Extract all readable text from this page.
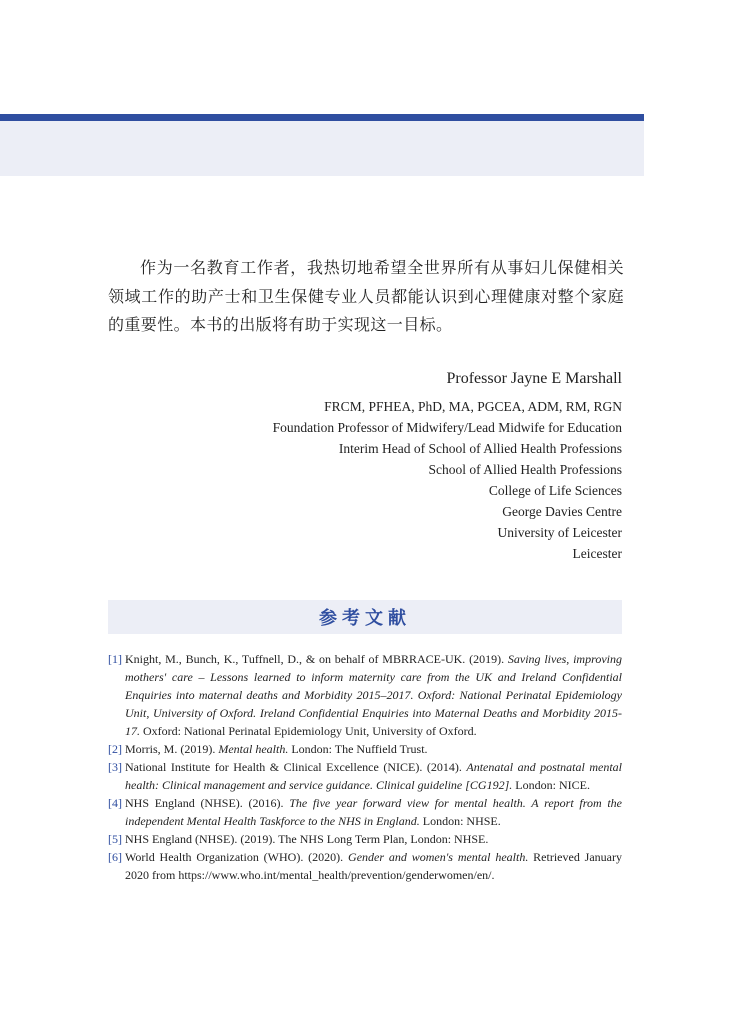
作为一名教育工作者，我热切地希望全世界所有从事妇儿保健相关领域工作的助产士和卫生保健专业人员都能认识到心理健康对整个家庭的重要性。本书的出版将有助于实现这一目标。

Professor Jayne E Marshall
FRCM, PFHEA, PhD, MA, PGCEA, ADM, RM, RGN
Foundation Professor of Midwifery/Lead Midwife for Education
Interim Head of School of Allied Health Professions
School of Allied Health Professions
College of Life Sciences
George Davies Centre
University of Leicester
Leicester
参考文献
[1] Knight, M., Bunch, K., Tuffnell, D., & on behalf of MBRRACE-UK. (2019). Saving lives, improving mothers' care – Lessons learned to inform maternity care from the UK and Ireland Confidential Enquiries into maternal deaths and Morbidity 2015–2017. Oxford: National Perinatal Epidemiology Unit, University of Oxford. Ireland Confidential Enquiries into Maternal Deaths and Morbidity 2015-17. Oxford: National Perinatal Epidemiology Unit, University of Oxford.
[2] Morris, M. (2019). Mental health. London: The Nuffield Trust.
[3] National Institute for Health & Clinical Excellence (NICE). (2014). Antenatal and postnatal mental health: Clinical management and service guidance. Clinical guideline [CG192]. London: NICE.
[4] NHS England (NHSE). (2016). The five year forward view for mental health. A report from the independent Mental Health Taskforce to the NHS in England. London: NHSE.
[5] NHS England (NHSE). (2019). The NHS Long Term Plan, London: NHSE.
[6] World Health Organization (WHO). (2020). Gender and women's mental health. Retrieved January 2020 from https://www.who.int/mental_health/prevention/genderwomen/en/.
